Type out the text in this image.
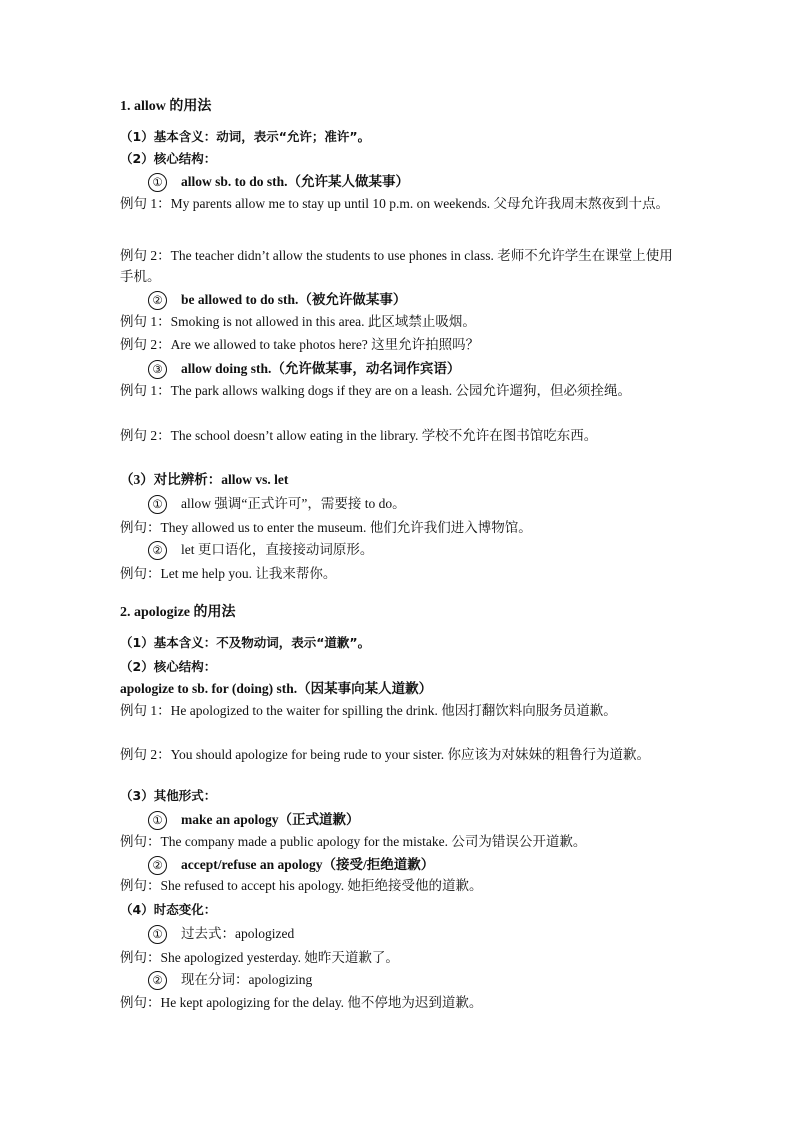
1. allow 的用法
（1）基本含义：动词，表示“允许；准许”。
（2）核心结构：
① allow sb. to do sth.（允许某人做某事）
例句 1：My parents allow me to stay up until 10 p.m. on weekends. 父母允许我周末熬夜到十点。
例句 2：The teacher didn’t allow the students to use phones in class. 老师不允许学生在课堂上使用手机。
② be allowed to do sth.（被允许做某事）
例句 1：Smoking is not allowed in this area. 此区域禁止吸烟。
例句 2：Are we allowed to take photos here? 这里允许拍照吗？
③ allow doing sth.（允许做某事，动名词作宾语）
例句 1：The park allows walking dogs if they are on a leash. 公园允许遛狗，但必须拴绳。
例句 2：The school doesn’t allow eating in the library. 学校不允许在图书馆吃东西。
（3）对比辨析：allow vs. let
① allow 强调“正式许可”，需要接 to do。
例句：They allowed us to enter the museum. 他们允许我们进入博物馆。
② let 更口语化，直接接动词原形。
例句：Let me help you. 让我来帮你。
2. apologize 的用法
（1）基本含义：不及物动词，表示“道歉”。
（2）核心结构：
apologize to sb. for (doing) sth.（因某事向某人道歉）
例句 1：He apologized to the waiter for spilling the drink. 他因打翻饮料向服务员道歉。
例句 2：You should apologize for being rude to your sister. 你应该为对妹妹的粗鲁行为道歉。
（3）其他形式：
① make an apology（正式道歉）
例句：The company made a public apology for the mistake. 公司为错误公开道歉。
② accept/refuse an apology（接受/拒绝道歉）
例句：She refused to accept his apology. 她拒绝接受他的道歉。
（4）时态变化：
① 过去式：apologized
例句：She apologized yesterday. 她昨天道歉了。
② 现在分词：apologizing
例句：He kept apologizing for the delay. 他不停地为迟到道歉。
